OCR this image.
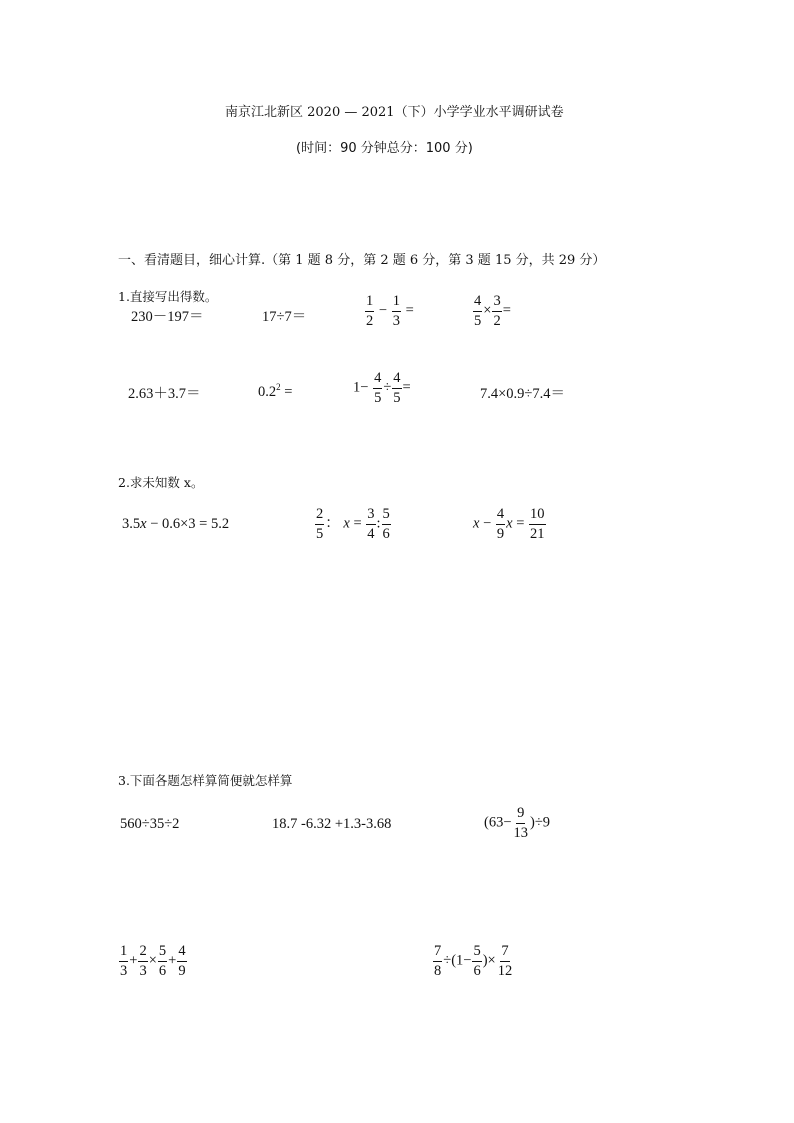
南京江北新区 2020 — 2021（下）小学学业水平调研试卷
(时间：90 分钟总分：100 分)
一、看清题目，细心计算.（第 1 题 8 分，第 2 题 6 分，第 3 题 15 分，共 29 分）
1.直接写出得数。
230－197＝	17÷7＝	$\frac{1}{2} - \frac{1}{3}$ =	$\frac{4}{5} \times \frac{3}{2}$ =
2.63＋3.7＝	$0.2^2$ =	$1- \frac{4}{5} \div \frac{4}{5}$ =	7.4×0.9÷7.4＝
2.求未知数 x。
3.5x − 0.6×3 = 5.2	$\frac{2}{5}$ ： $x = \frac{3}{4}$ : $\frac{5}{6}$	$x - \frac{4}{9}$ $x = \frac{10}{21}$
3.下面各题怎样算简便就怎样算
560÷35÷2	18.7 -6.32 +1.3-3.68	$(63- \frac{9}{13} )\div 9$
$\frac{1}{3} + \frac{2}{3} \times \frac{5}{6} + \frac{4}{9}$	$\frac{7}{8} \div(1- \frac{5}{6}$ )× $\frac{7}{12}$
